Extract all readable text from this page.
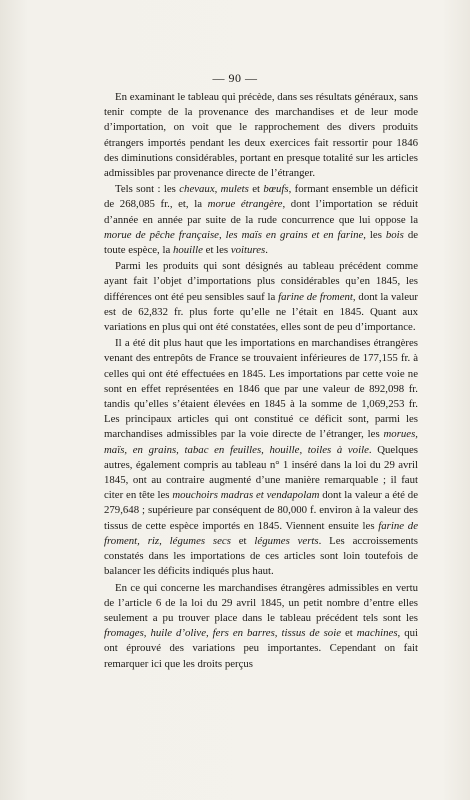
— 90 —

En examinant le tableau qui précède, dans ses résultats généraux, sans tenir compte de la provenance des marchandises et de leur mode d’importation, on voit que le rapprochement des divers produits étrangers importés pendant les deux exercices fait ressortir pour 1846 des diminutions considérables, portant en presque totalité sur les articles admissibles par provenance directe de l’étranger.

Tels sont : les chevaux, mulets et bœufs, formant ensemble un déficit de 268,085 fr., et, la morue étrangère, dont l’importation se réduit d’année en année par suite de la rude concurrence que lui oppose la morue de pêche française, les maïs en grains et en farine, les bois de toute espèce, la houille et les voitures.

Parmi les produits qui sont désignés au tableau précédent comme ayant fait l’objet d’importations plus considérables qu’en 1845, les différences ont été peu sensibles sauf la farine de froment, dont la valeur est de 62,832 fr. plus forte qu’elle ne l’était en 1845. Quant aux variations en plus qui ont été constatées, elles sont de peu d’importance.

Il a été dit plus haut que les importations en marchandises étrangères venant des entrepôts de France se trouvaient inférieures de 177,155 fr. à celles qui ont été effectuées en 1845. Les importations par cette voie ne sont en effet représentées en 1846 que par une valeur de 892,098 fr. tandis qu’elles s’étaient élevées en 1845 à la somme de 1,069,253 fr. Les principaux articles qui ont constitué ce déficit sont, parmi les marchandises admissibles par la voie directe de l’étranger, les morues, maïs, en grains, tabac en feuilles, houille, toiles à voile. Quelques autres, également compris au tableau n° 1 inséré dans la loi du 29 avril 1845, ont au contraire augmenté d’une manière remarquable ; il faut citer en tête les mouchoirs madras et vendapolam dont la valeur a été de 279,648 ; supérieure par conséquent de 80,000 f. environ à la valeur des tissus de cette espèce importés en 1845. Viennent ensuite les farine de froment, riz, légumes secs et légumes verts. Les accroissements constatés dans les importations de ces articles sont loin toutefois de balancer les déficits indiqués plus haut.

En ce qui concerne les marchandises étrangères admissibles en vertu de l’article 6 de la loi du 29 avril 1845, un petit nombre d’entre elles seulement a pu trouver place dans le tableau précédent tels sont les fromages, huile d’olive, fers en barres, tissus de soie et machines, qui ont éprouvé des variations peu importantes. Cependant on fait remarquer ici que les droits perçus
